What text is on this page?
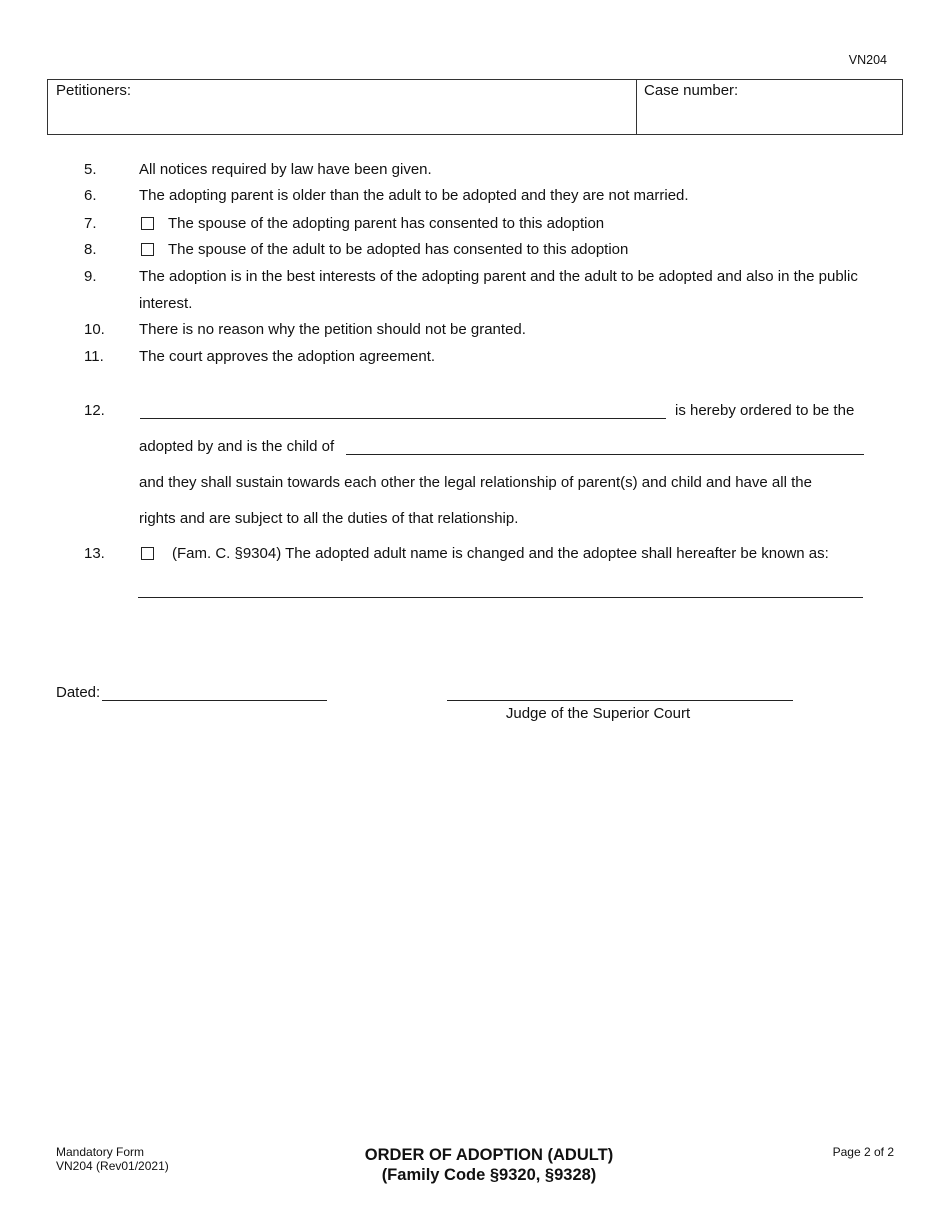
VN204
Petitioners:	Case number:
5.	All notices required by law have been given.
6.	The adopting parent is older than the adult to be adopted and they are not married.
7.	The spouse of the adopting parent has consented to this adoption
8.	The spouse of the adult to be adopted has consented to this adoption
9.	The adoption is in the best interests of the adopting parent and the adult to be adopted and also in the public
interest.
10. There is no reason why the petition should not be granted.
11. The court approves the adoption agreement.
12.	is hereby ordered to be the
adopted by and is the child of
and they shall sustain towards each other the legal relationship of parent(s) and child and have all the
rights and are subject to all the duties of that relationship.
13.	(Fam. C. §9304) The adopted adult name is changed and the adoptee shall hereafter be known as:
Dated:
Judge of the Superior Court
Mandatory Form
VN204 (Rev01/2021)
ORDER OF ADOPTION (ADULT)
(Family Code §9320, §9328)
Page 2 of 2
